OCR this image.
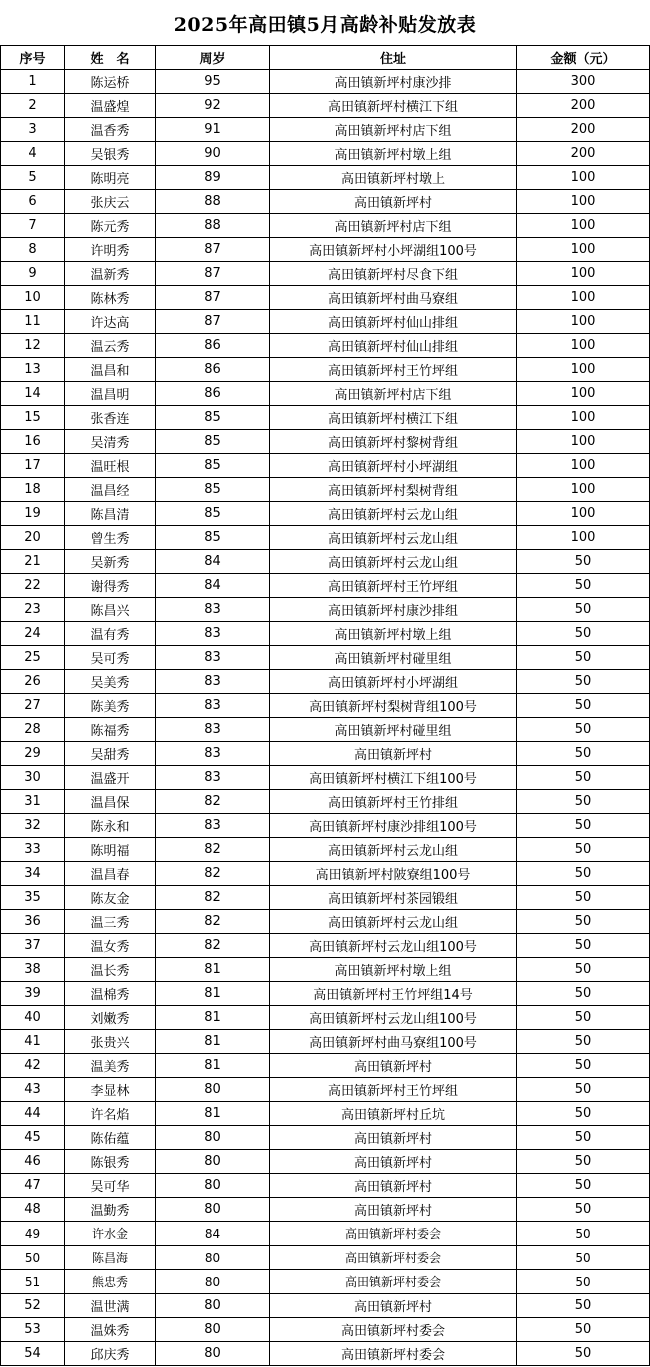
2025年高田镇5月高龄补贴发放表
序号	姓　名	周岁	住址	金额（元）
1	陈运桥	95	高田镇新坪村康沙排	300
2	温盛煌	92	高田镇新坪村横江下组	200
3	温香秀	91	高田镇新坪村店下组	200
4	吴银秀	90	高田镇新坪村墩上组	200
5	陈明亮	89	高田镇新坪村墩上	100
6	张庆云	88	高田镇新坪村	100
7	陈元秀	88	高田镇新坪村店下组	100
8	许明秀	87	高田镇新坪村小坪湖组100号	100
9	温新秀	87	高田镇新坪村尽食下组	100
10	陈林秀	87	高田镇新坪村曲马寮组	100
11	许达高	87	高田镇新坪村仙山排组	100
12	温云秀	86	高田镇新坪村仙山排组	100
13	温昌和	86	高田镇新坪村王竹坪组	100
14	温昌明	86	高田镇新坪村店下组	100
15	张香连	85	高田镇新坪村横江下组	100
16	吴清秀	85	高田镇新坪村黎树背组	100
17	温旺根	85	高田镇新坪村小坪湖组	100
18	温昌经	85	高田镇新坪村梨树背组	100
19	陈昌清	85	高田镇新坪村云龙山组	100
20	曾生秀	85	高田镇新坪村云龙山组	100
21	吴新秀	84	高田镇新坪村云龙山组	50
22	谢得秀	84	高田镇新坪村王竹坪组	50
23	陈昌兴	83	高田镇新坪村康沙排组	50
24	温有秀	83	高田镇新坪村墩上组	50
25	吴可秀	83	高田镇新坪村碰里组	50
26	吴美秀	83	高田镇新坪村小坪湖组	50
27	陈美秀	83	高田镇新坪村梨树背组100号	50
28	陈福秀	83	高田镇新坪村碰里组	50
29	吴甜秀	83	高田镇新坪村	50
30	温盛开	83	高田镇新坪村横江下组100号	50
31	温昌保	82	高田镇新坪村王竹排组	50
32	陈永和	83	高田镇新坪村康沙排组100号	50
33	陈明福	82	高田镇新坪村云龙山组	50
34	温昌春	82	高田镇新坪村陂寮组100号	50
35	陈友金	82	高田镇新坪村茶园锻组	50
36	温三秀	82	高田镇新坪村云龙山组	50
37	温女秀	82	高田镇新坪村云龙山组100号	50
38	温长秀	81	高田镇新坪村墩上组	50
39	温棉秀	81	高田镇新坪村王竹坪组14号	50
40	刘嫩秀	81	高田镇新坪村云龙山组100号	50
41	张贵兴	81	高田镇新坪村曲马寮组100号	50
42	温美秀	81	高田镇新坪村	50
43	李显林	80	高田镇新坪村王竹坪组	50
44	许名焰	81	高田镇新坪村丘坑	50
45	陈佑蕴	80	高田镇新坪村	50
46	陈银秀	80	高田镇新坪村	50
47	吴可华	80	高田镇新坪村	50
48	温勤秀	80	高田镇新坪村	50
49	许水金	84	高田镇新坪村委会	50
50	陈昌海	80	高田镇新坪村委会	50
51	熊忠秀	80	高田镇新坪村委会	50
52	温世满	80	高田镇新坪村	50
53	温姝秀	80	高田镇新坪村委会	50
54	邱庆秀	80	高田镇新坪村委会	50
